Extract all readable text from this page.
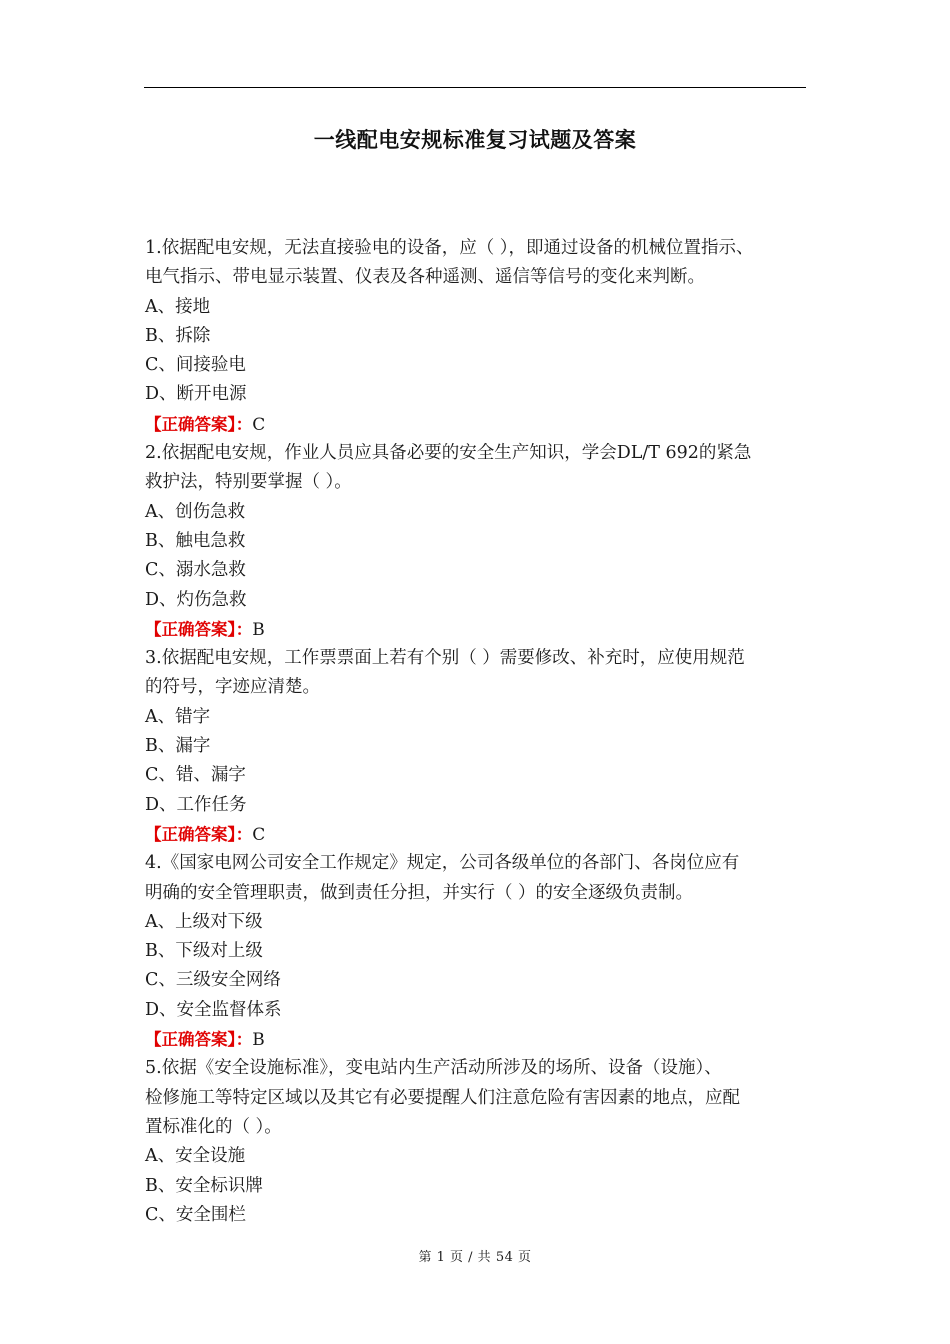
一线配电安规标准复习试题及答案
1.依据配电安规，无法直接验电的设备，应（ ），即通过设备的机械位置指示、
电气指示、带电显示装置、仪表及各种遥测、遥信等信号的变化来判断。
A、接地
B、拆除
C、间接验电
D、断开电源
【正确答案】：C
2.依据配电安规，作业人员应具备必要的安全生产知识，学会DL/T 692的紧急
救护法，特别要掌握（ ）。
A、创伤急救
B、触电急救
C、溺水急救
D、灼伤急救
【正确答案】：B
3.依据配电安规，工作票票面上若有个别（ ）需要修改、补充时，应使用规范
的符号，字迹应清楚。
A、错字
B、漏字
C、错、漏字
D、工作任务
【正确答案】：C
4.《国家电网公司安全工作规定》规定，公司各级单位的各部门、各岗位应有
明确的安全管理职责，做到责任分担，并实行（ ）的安全逐级负责制。
A、上级对下级
B、下级对上级
C、三级安全网络
D、安全监督体系
【正确答案】：B
5.依据《安全设施标准》，变电站内生产活动所涉及的场所、设备（设施）、
检修施工等特定区域以及其它有必要提醒人们注意危险有害因素的地点，应配
置标准化的（ ）。
A、安全设施
B、安全标识牌
C、安全围栏
第 1 页 / 共 54 页
